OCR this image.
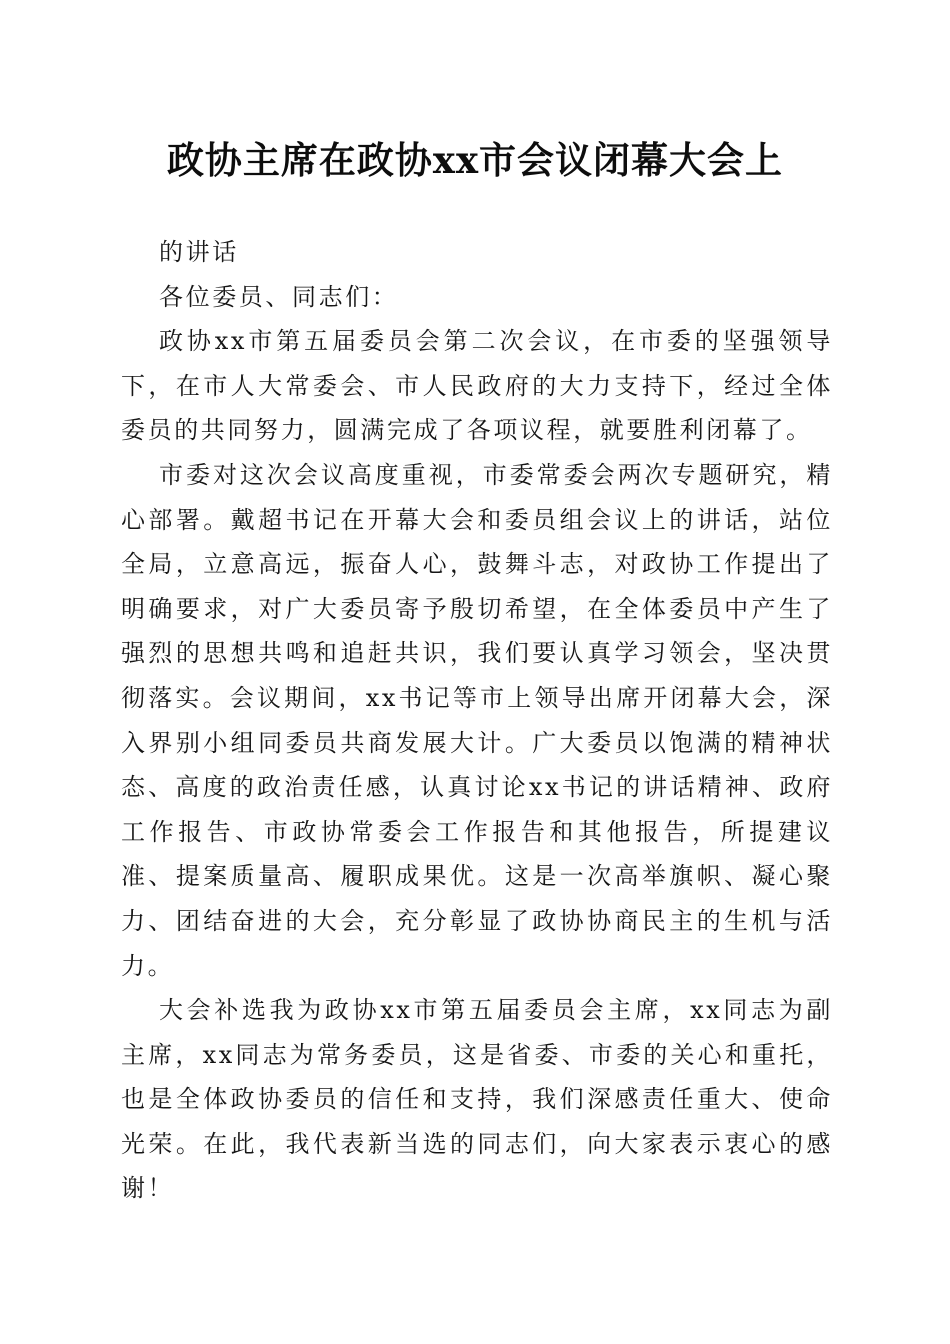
政协主席在政协xx市会议闭幕大会上

的讲话

各位委员、同志们：

政协xx市第五届委员会第二次会议，在市委的坚强领导下，在市人大常委会、市人民政府的大力支持下，经过全体委员的共同努力，圆满完成了各项议程，就要胜利闭幕了。

市委对这次会议高度重视，市委常委会两次专题研究，精心部署。戴超书记在开幕大会和委员组会议上的讲话，站位全局，立意高远，振奋人心，鼓舞斗志，对政协工作提出了明确要求，对广大委员寄予殷切希望，在全体委员中产生了强烈的思想共鸣和追赶共识，我们要认真学习领会，坚决贯彻落实。会议期间，xx书记等市上领导出席开闭幕大会，深入界别小组同委员共商发展大计。广大委员以饱满的精神状态、高度的政治责任感，认真讨论xx书记的讲话精神、政府工作报告、市政协常委会工作报告和其他报告，所提建议准、提案质量高、履职成果优。这是一次高举旗帜、凝心聚力、团结奋进的大会，充分彰显了政协协商民主的生机与活力。

大会补选我为政协xx市第五届委员会主席，xx同志为副主席，xx同志为常务委员，这是省委、市委的关心和重托，也是全体政协委员的信任和支持，我们深感责任重大、使命光荣。在此，我代表新当选的同志们，向大家表示衷心的感谢！
